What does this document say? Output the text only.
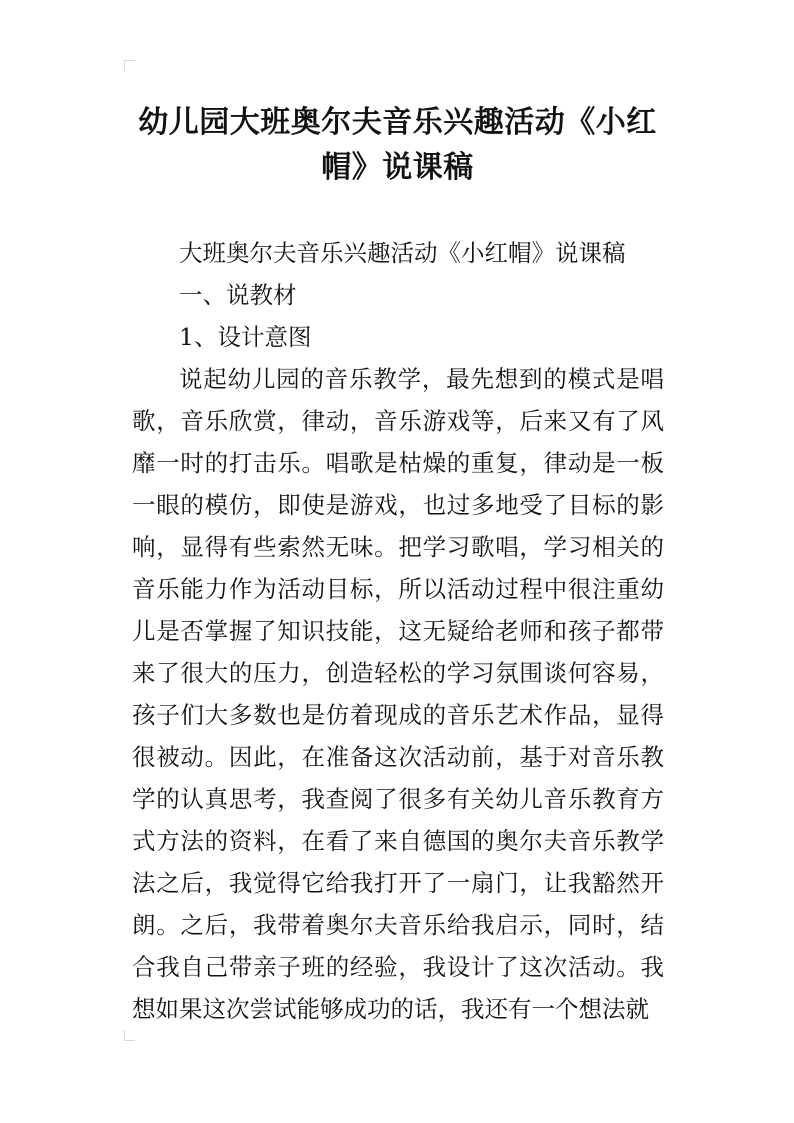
幼儿园大班奥尔夫音乐兴趣活动《小红帽》说课稿

大班奥尔夫音乐兴趣活动《小红帽》说课稿

一、说教材

1、设计意图

说起幼儿园的音乐教学，最先想到的模式是唱歌，音乐欣赏，律动，音乐游戏等，后来又有了风靡一时的打击乐。唱歌是枯燥的重复，律动是一板一眼的模仿，即使是游戏，也过多地受了目标的影响，显得有些索然无味。把学习歌唱，学习相关的音乐能力作为活动目标，所以活动过程中很注重幼儿是否掌握了知识技能，这无疑给老师和孩子都带来了很大的压力，创造轻松的学习氛围谈何容易，孩子们大多数也是仿着现成的音乐艺术作品，显得很被动。因此，在准备这次活动前，基于对音乐教学的认真思考，我查阅了很多有关幼儿音乐教育方式方法的资料，在看了来自德国的奥尔夫音乐教学法之后，我觉得它给我打开了一扇门，让我豁然开朗。之后，我带着奥尔夫音乐给我启示，同时，结合我自己带亲子班的经验，我设计了这次活动。我想如果这次尝试能够成功的话，我还有一个想法就
